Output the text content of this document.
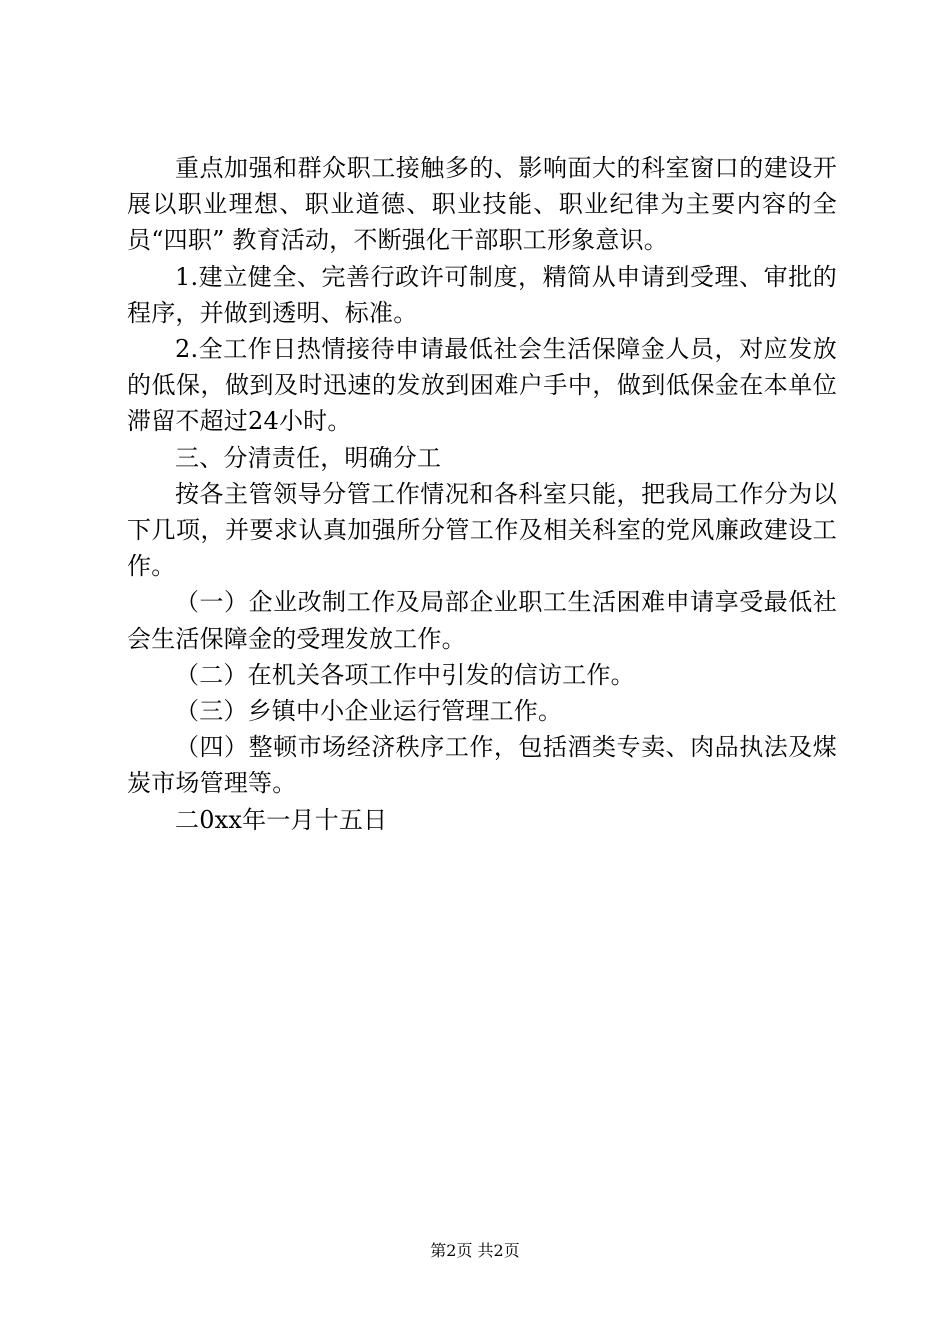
重点加强和群众职工接触多的、影响面大的科室窗口的建设开展以职业理想、职业道德、职业技能、职业纪律为主要内容的全员“四职” 教育活动，不断强化干部职工形象意识。

1.建立健全、完善行政许可制度，精简从申请到受理、审批的程序，并做到透明、标准。

2.全工作日热情接待申请最低社会生活保障金人员，对应发放的低保，做到及时迅速的发放到困难户手中，做到低保金在本单位滞留不超过24小时。

三、分清责任，明确分工

按各主管领导分管工作情况和各科室只能，把我局工作分为以下几项，并要求认真加强所分管工作及相关科室的党风廉政建设工作。

（一）企业改制工作及局部企业职工生活困难申请享受最低社会生活保障金的受理发放工作。

（二）在机关各项工作中引发的信访工作。

（三）乡镇中小企业运行管理工作。

（四）整顿市场经济秩序工作，包括酒类专卖、肉品执法及煤炭市场管理等。

二0xx年一月十五日

第2页 共2页
